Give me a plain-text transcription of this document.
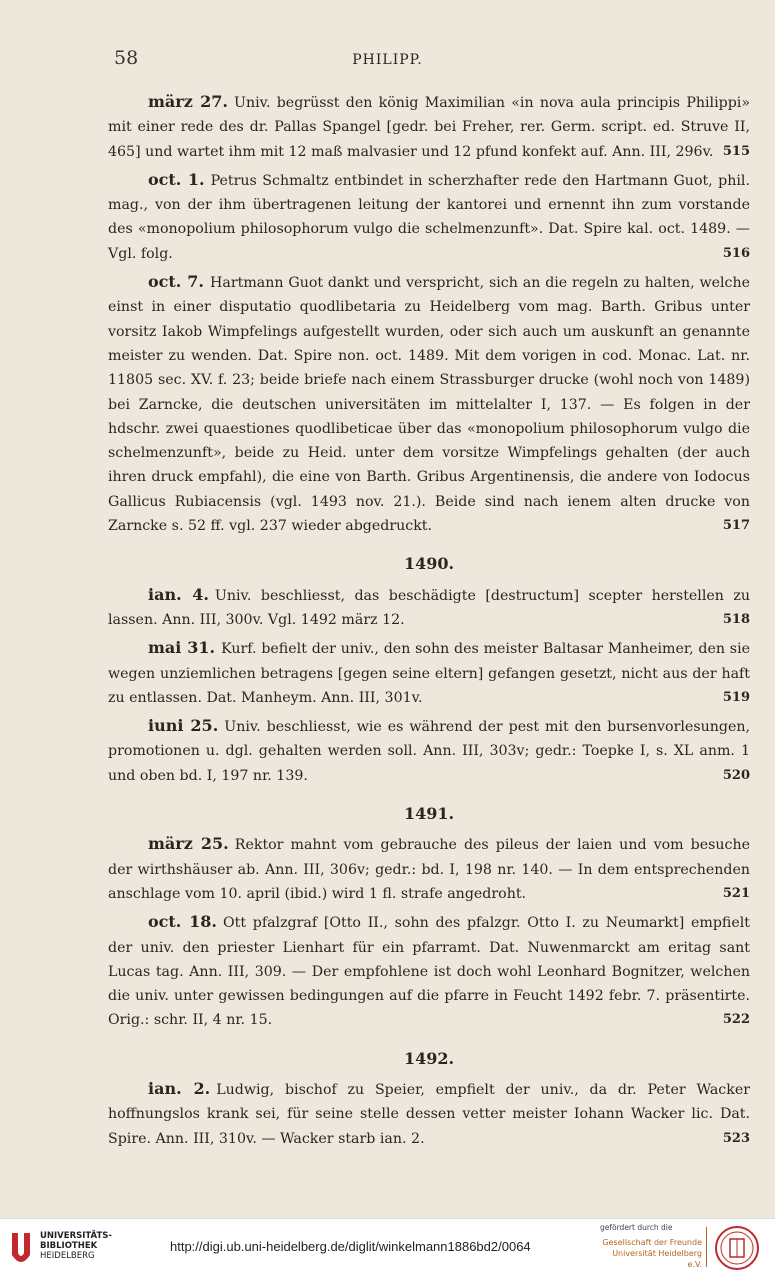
58	PHILIPP.
märz 27. Univ. begrüsst den könig Maximilian «in nova aula principis Philippi» mit einer rede des dr. Pallas Spangel [gedr. bei Freher, rer. Germ. script. ed. Struve II, 465] und wartet ihm mit 12 maß malvasier und 12 pfund konfekt auf. Ann. III, 296v. 515
oct. 1. Petrus Schmaltz entbindet in scherzhafter rede den Hartmann Guot, phil. mag., von der ihm übertragenen leitung der kantorei und ernennt ihn zum vorstande des «monopolium philosophorum vulgo die schelmenzunft». Dat. Spire kal. oct. 1489. — Vgl. folg.	516
oct. 7. Hartmann Guot dankt und verspricht, sich an die regeln zu halten, welche einst in einer disputatio quodlibetaria zu Heidelberg vom mag. Barth. Gribus unter vorsitz Iakob Wimpfelings aufgestellt wurden, oder sich auch um auskunft an genannte meister zu wenden. Dat. Spire non. oct. 1489. Mit dem vorigen in cod. Monac. Lat. nr. 11805 sec. XV. f. 23; beide briefe nach einem Strassburger drucke (wohl noch von 1489) bei Zarncke, die deutschen universitäten im mittelalter I, 137. — Es folgen in der hdschr. zwei quaestiones quodlibeticae über das «monopolium philosophorum vulgo die schelmenzunft», beide zu Heid. unter dem vorsitze Wimpfelings gehalten (der auch ihren druck empfahl), die eine von Barth. Gribus Argentinensis, die andere von Iodocus Gallicus Rubiacensis (vgl. 1493 nov. 21.). Beide sind nach ienem alten drucke von Zarncke s. 52 ff. vgl. 237 wieder abgedruckt.	517
1490.
ian. 4. Univ. beschliesst, das beschädigte [destructum] scepter herstellen zu lassen. Ann. III, 300v. Vgl. 1492 märz 12.	518
mai 31. Kurf. befielt der univ., den sohn des meister Baltasar Manheimer, den sie wegen unziemlichen betragens [gegen seine eltern] gefangen gesetzt, nicht aus der haft zu entlassen. Dat. Manheym. Ann. III, 301v.	519
iuni 25. Univ. beschliesst, wie es während der pest mit den bursenvorlesungen, promotionen u. dgl. gehalten werden soll. Ann. III, 303v; gedr.: Toepke I, s. XL anm. 1 und oben bd. I, 197 nr. 139.	520
1491.
märz 25. Rektor mahnt vom gebrauche des pileus der laien und vom besuche der wirthshäuser ab. Ann. III, 306v; gedr.: bd. I, 198 nr. 140. — In dem entsprechenden anschlage vom 10. april (ibid.) wird 1 fl. strafe angedroht.	521
oct. 18. Ott pfalzgraf [Otto II., sohn des pfalzgr. Otto I. zu Neumarkt] empfielt der univ. den priester Lienhart für ein pfarramt. Dat. Nuwenmarckt am eritag sant Lucas tag. Ann. III, 309. — Der empfohlene ist doch wohl Leonhard Bognitzer, welchen die univ. unter gewissen bedingungen auf die pfarre in Feucht 1492 febr. 7. präsentirte. Orig.: schr. II, 4 nr. 15.	522
1492.
ian. 2. Ludwig, bischof zu Speier, empfielt der univ., da dr. Peter Wacker hoffnungslos krank sei, für seine stelle dessen vetter meister Iohann Wacker lic. Dat. Spire. Ann. III, 310v. — Wacker starb ian. 2.	523
UNIVERSITÄTS-
BIBLIOTHEK
HEIDELBERG
http://digi.ub.uni-heidelberg.de/diglit/winkelmann1886bd2/0064
gefördert durch die
Gesellschaft der Freunde
Universität Heidelberg e.V.
